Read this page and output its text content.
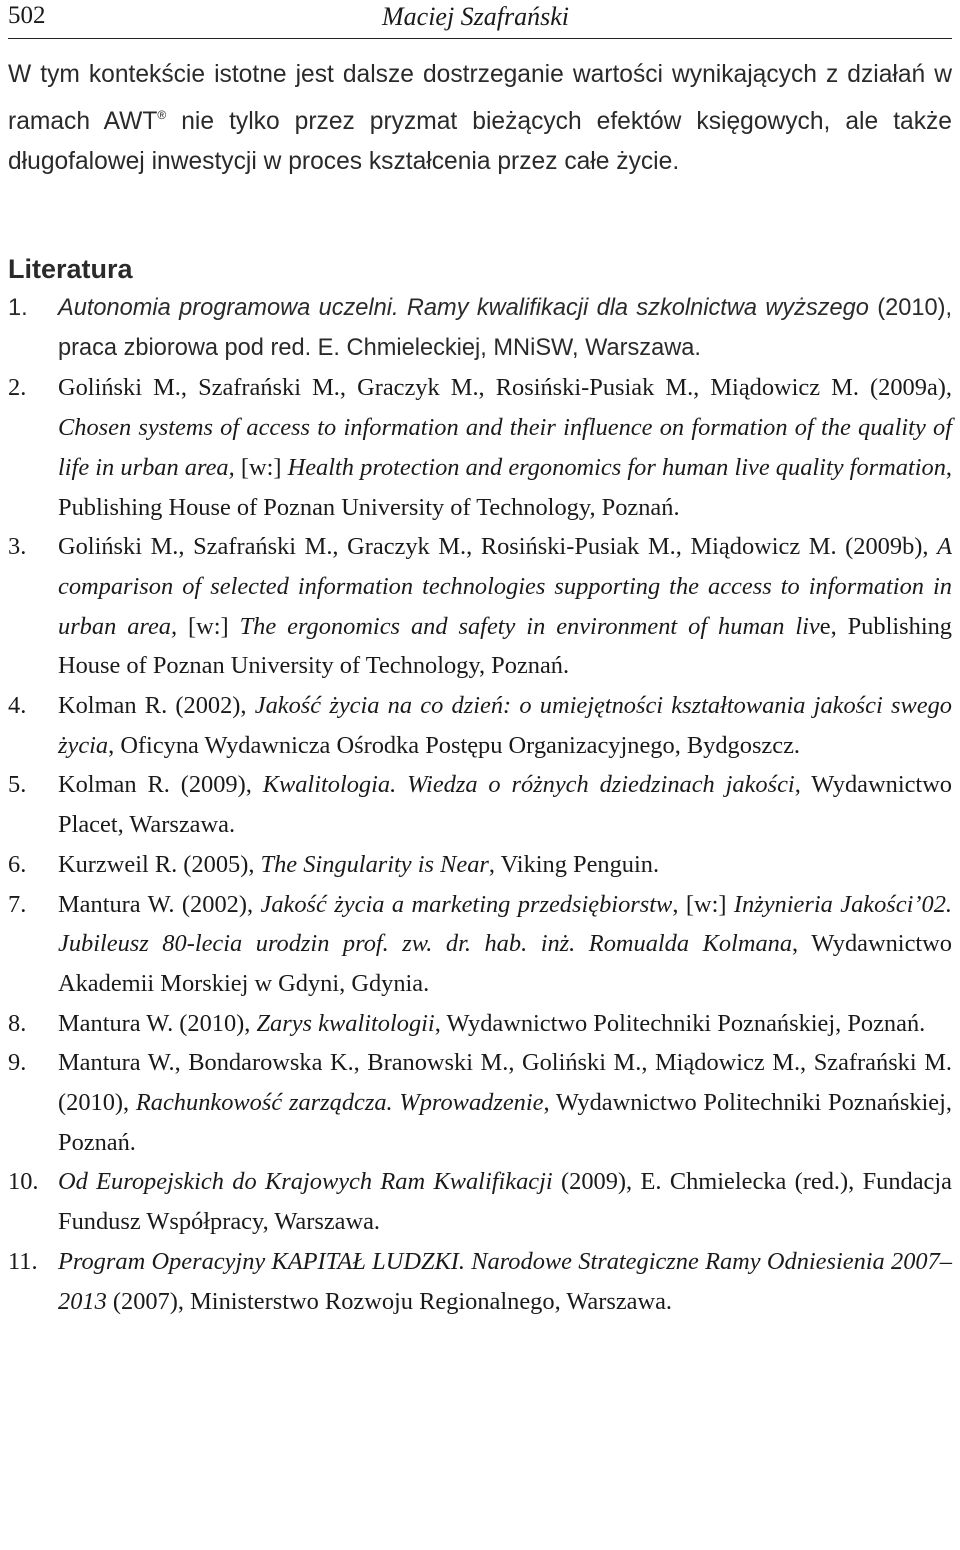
502	Maciej Szafrański

W tym kontekście istotne jest dalsze dostrzeganie wartości wynikających z działań w ramach AWT® nie tylko przez pryzmat bieżących efektów księgowych, ale także długofalowej inwestycji w proces kształcenia przez całe życie.

Literatura
1. Autonomia programowa uczelni. Ramy kwalifikacji dla szkolnictwa wyższego (2010), praca zbiorowa pod red. E. Chmieleckiej, MNiSW, Warszawa.
2. Goliński M., Szafrański M., Graczyk M., Rosiński-Pusiak M., Miądowicz M. (2009a), Chosen systems of access to information and their influence on formation of the quality of life in urban area, [w:] Health protection and ergonomics for human live quality formation, Publishing House of Poznan University of Technology, Poznań.
3. Goliński M., Szafrański M., Graczyk M., Rosiński-Pusiak M., Miądowicz M. (2009b), A comparison of selected information technologies supporting the access to information in urban area, [w:] The ergonomics and safety in environment of human live, Publishing House of Poznan University of Technology, Poznań.
4. Kolman R. (2002), Jakość życia na co dzień: o umiejętności kształtowania jakości swego życia, Oficyna Wydawnicza Ośrodka Postępu Organizacyjnego, Bydgoszcz.
5. Kolman R. (2009), Kwalitologia. Wiedza o różnych dziedzinach jakości, Wydawnictwo Placet, Warszawa.
6. Kurzweil R. (2005), The Singularity is Near, Viking Penguin.
7. Mantura W. (2002), Jakość życia a marketing przedsiębiorstw, [w:] Inżynieria Jakości’02. Jubileusz 80-lecia urodzin prof. zw. dr. hab. inż. Romualda Kolmana, Wydawnictwo Akademii Morskiej w Gdyni, Gdynia.
8. Mantura W. (2010), Zarys kwalitologii, Wydawnictwo Politechniki Poznańskiej, Poznań.
9. Mantura W., Bondarowska K., Branowski M., Goliński M., Miądowicz M., Szafrański M. (2010), Rachunkowość zarządcza. Wprowadzenie, Wydawnictwo Politechniki Poznańskiej, Poznań.
10. Od Europejskich do Krajowych Ram Kwalifikacji (2009), E. Chmielecka (red.), Fundacja Fundusz Współpracy, Warszawa.
11. Program Operacyjny KAPITAŁ LUDZKI. Narodowe Strategiczne Ramy Odniesienia 2007–2013 (2007), Ministerstwo Rozwoju Regionalnego, Warszawa.
